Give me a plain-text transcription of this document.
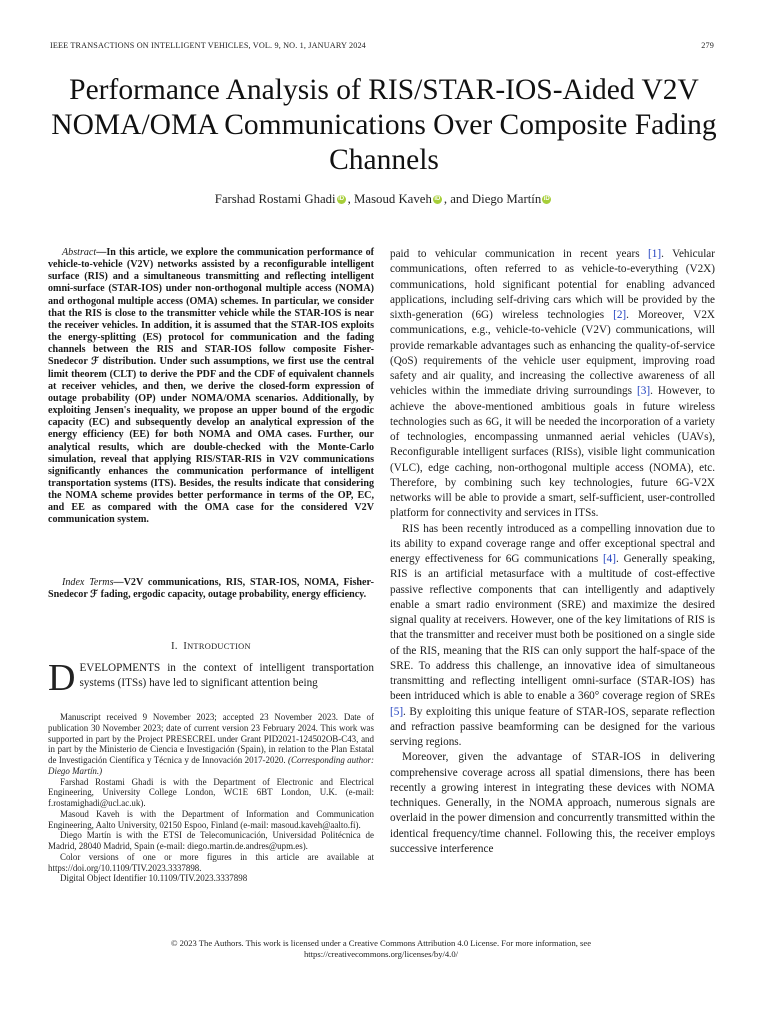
IEEE TRANSACTIONS ON INTELLIGENT VEHICLES, VOL. 9, NO. 1, JANUARY 2024	279
Performance Analysis of RIS/STAR-IOS-Aided V2V NOMA/OMA Communications Over Composite Fading Channels
Farshad Rostami Ghadi iD , Masoud Kaveh iD , and Diego Martín iD
Abstract—In this article, we explore the communication performance of vehicle-to-vehicle (V2V) networks assisted by a reconfigurable intelligent surface (RIS) and a simultaneous transmitting and reflecting intelligent omni-surface (STAR-IOS) under non-orthogonal multiple access (NOMA) and orthogonal multiple access (OMA) schemes. In particular, we consider that the RIS is close to the transmitter vehicle while the STAR-IOS is near the receiver vehicles. In addition, it is assumed that the STAR-IOS exploits the energy-splitting (ES) protocol for communication and the fading channels between the RIS and STAR-IOS follow composite Fisher-Snedecor ℱ distribution. Under such assumptions, we first use the central limit theorem (CLT) to derive the PDF and the CDF of equivalent channels at receiver vehicles, and then, we derive the closed-form expression of outage probability (OP) under NOMA/OMA scenarios. Additionally, by exploiting Jensen's inequality, we propose an upper bound of the ergodic capacity (EC) and subsequently develop an analytical expression of the energy efficiency (EE) for both NOMA and OMA cases. Further, our analytical results, which are double-checked with the Monte-Carlo simulation, reveal that applying RIS/STAR-RIS in V2V communications significantly enhances the communication performance of intelligent transportation systems (ITS). Besides, the results indicate that considering the NOMA scheme provides better performance in terms of the OP, EC, and EE as compared with the OMA case for the considered V2V communication system.
Index Terms—V2V communications, RIS, STAR-IOS, NOMA, Fisher-Snedecor ℱ fading, ergodic capacity, outage probability, energy efficiency.
I. INTRODUCTION
DEVELOPMENTS in the context of intelligent transportation systems (ITSs) have led to significant attention being

Manuscript received 9 November 2023; accepted 23 November 2023. Date of publication 30 November 2023; date of current version 23 February 2024. This work was supported in part by the Project PRESECREL under Grant PID2021-124502OB-C43, and in part by the Ministerio de Ciencia e Investigación (Spain), in relation to the Plan Estatal de Investigación Científica y Técnica y de Innovación 2017-2020. (Corresponding author: Diego Martín.)

Farshad Rostami Ghadi is with the Department of Electronic and Electrical Engineering, University College London, WC1E 6BT London, U.K. (e-mail: f.rostamighadi@ucl.ac.uk).

Masoud Kaveh is with the Department of Information and Communication Engineering, Aalto University, 02150 Espoo, Finland (e-mail: masoud.kaveh@aalto.fi).

Diego Martín is with the ETSI de Telecomunicación, Universidad Politécnica de Madrid, 28040 Madrid, Spain (e-mail: diego.martin.de.andres@upm.es).

Color versions of one or more figures in this article are available at https://doi.org/10.1109/TIV.2023.3337898.

Digital Object Identifier 10.1109/TIV.2023.3337898

paid to vehicular communication in recent years [1]. Vehicular communications, often referred to as vehicle-to-everything (V2X) communications, hold significant potential for enabling advanced applications, including self-driving cars which will be provided by the sixth-generation (6G) wireless technologies [2]. Moreover, V2X communications, e.g., vehicle-to-vehicle (V2V) communications, will provide remarkable advantages such as enhancing the quality-of-service (QoS) requirements of the vehicle user equipment, improving road safety and air quality, and increasing the collective awareness of all vehicles within the immediate driving surroundings [3]. However, to achieve the above-mentioned ambitious goals in future wireless technologies such as 6G, it will be needed the incorporation of a variety of technologies, encompassing unmanned aerial vehicles (UAVs), Reconfigurable intelligent surfaces (RISs), visible light communication (VLC), edge caching, non-orthogonal multiple access (NOMA), etc. Therefore, by combining such key technologies, future 6G-V2X networks will be able to provide a smart, self-sufficient, user-controlled platform for connectivity and services in ITSs.

RIS has been recently introduced as a compelling innovation due to its ability to expand coverage range and offer exceptional spectral and energy effectiveness for 6G communications [4]. Generally speaking, RIS is an artificial metasurface with a multitude of cost-effective passive reflective components that can intelligently and adaptively enable a smart radio environment (SRE) and maximize the desired signal quality at receivers. However, one of the key limitations of RIS is that the transmitter and receiver must both be positioned on a single side of the RIS, meaning that the RIS can only support the half-space of the SRE. To address this challenge, an innovative idea of simultaneous transmitting and reflecting intelligent omni-surface (STAR-IOS) has been intriduced which is able to enable a 360° coverage region of SREs [5]. By exploiting this unique feature of STAR-IOS, separate reflection and refraction passive beamforming can be designed for the various serving regions.

Moreover, given the advantage of STAR-IOS in delivering comprehensive coverage across all spatial dimensions, there has been recently a growing interest in integrating these devices with NOMA techniques. Generally, in the NOMA approach, numerous signals are overlaid in the power dimension and concurrently transmitted within the identical frequency/time channel. Following this, the receiver employs successive interference

© 2023 The Authors. This work is licensed under a Creative Commons Attribution 4.0 License. For more information, see
https://creativecommons.org/licenses/by/4.0/
